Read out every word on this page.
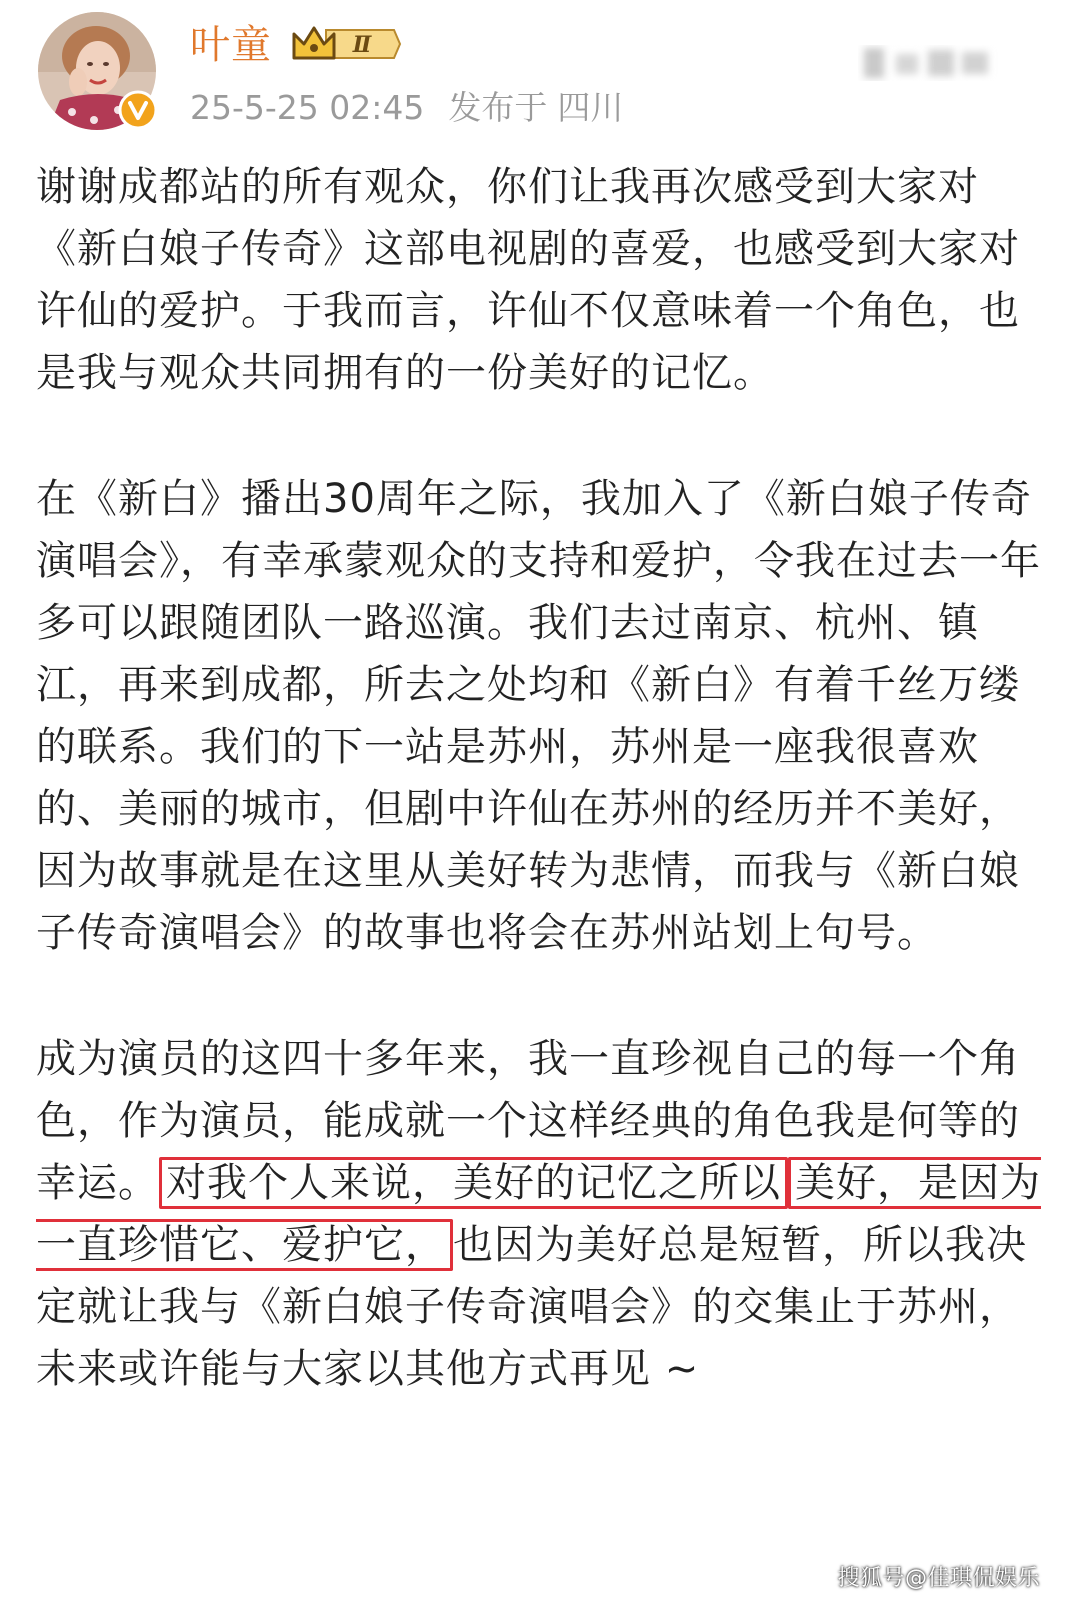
叶童	Ⅱ
25-5-25 02:45 发布于 四川

谢谢成都站的所有观众，你们让我再次感受到大家对《新白娘子传奇》这部电视剧的喜爱，也感受到大家对许仙的爱护。于我而言，许仙不仅意味着一个角色，也是我与观众共同拥有的一份美好的记忆。

在《新白》播出30周年之际，我加入了《新白娘子传奇演唱会》，有幸承蒙观众的支持和爱护，令我在过去一年多可以跟随团队一路巡演。我们去过南京、杭州、镇江，再来到成都，所去之处均和《新白》有着千丝万缕的联系。我们的下一站是苏州，苏州是一座我很喜欢的、美丽的城市，但剧中许仙在苏州的经历并不美好，因为故事就是在这里从美好转为悲情，而我与《新白娘子传奇演唱会》的故事也将会在苏州站划上句号。

成为演员的这四十多年来，我一直珍视自己的每一个角色，作为演员，能成就一个这样经典的角色我是何等的幸运。 对我个人来说，美好的记忆之所以 美好，是因为一直珍惜它、爱护它， 也因为美好总是短暂，所以我决定就让我与《新白娘子传奇演唱会》的交集止于苏州，未来或许能与大家以其他方式再见 ~

搜狐号@佳琪侃娱乐
